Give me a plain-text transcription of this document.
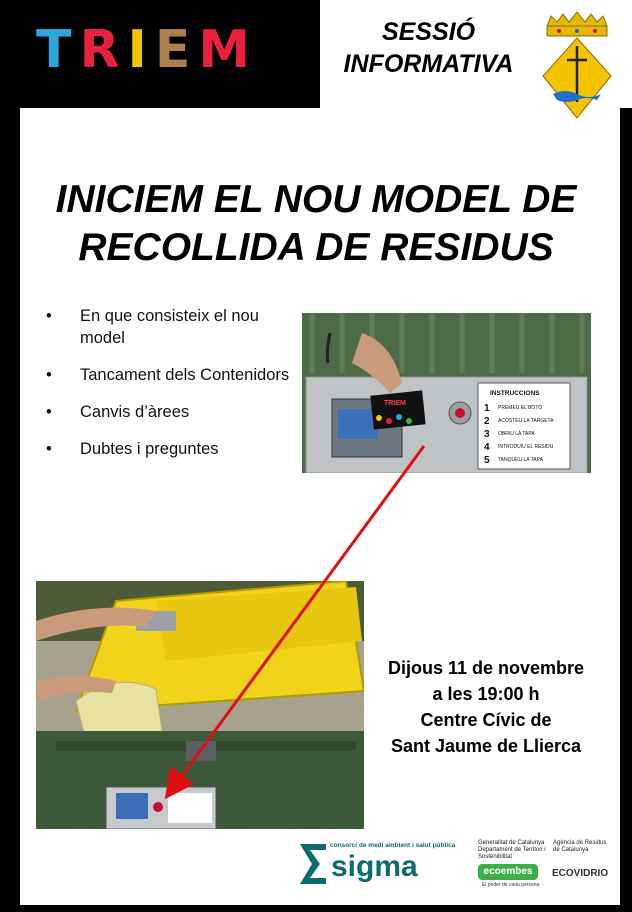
T R I E M	SESSIÓ
INFORMATIVA
INICIEM EL NOU MODEL DE
RECOLLIDA DE RESIDUS
• En que consisteix el nou model
• Tancament dels Contenidors
• Canvis d’àrees
• Dubtes i preguntes
TRIEM
INSTRUCCIONS
PREMEU EL BOTÓ
ACOSTEU LA TARGETA
OBRIU LA TAPA
INTRODUÏU EL RESIDU
TANQUEU LA TAPA
1
2
3
4
5
Dijous 11 de novembre
a les 19:00 h
Centre Cívic de
Sant Jaume de Llierca
consorci de medi ambient i salut pública
sigma
Generalitat de Catalunya Departament de Territori i Sostenibilitat
ecoembes
El poder de cada persona
Agència de Residus de Catalunya
ECOVIDRIO
